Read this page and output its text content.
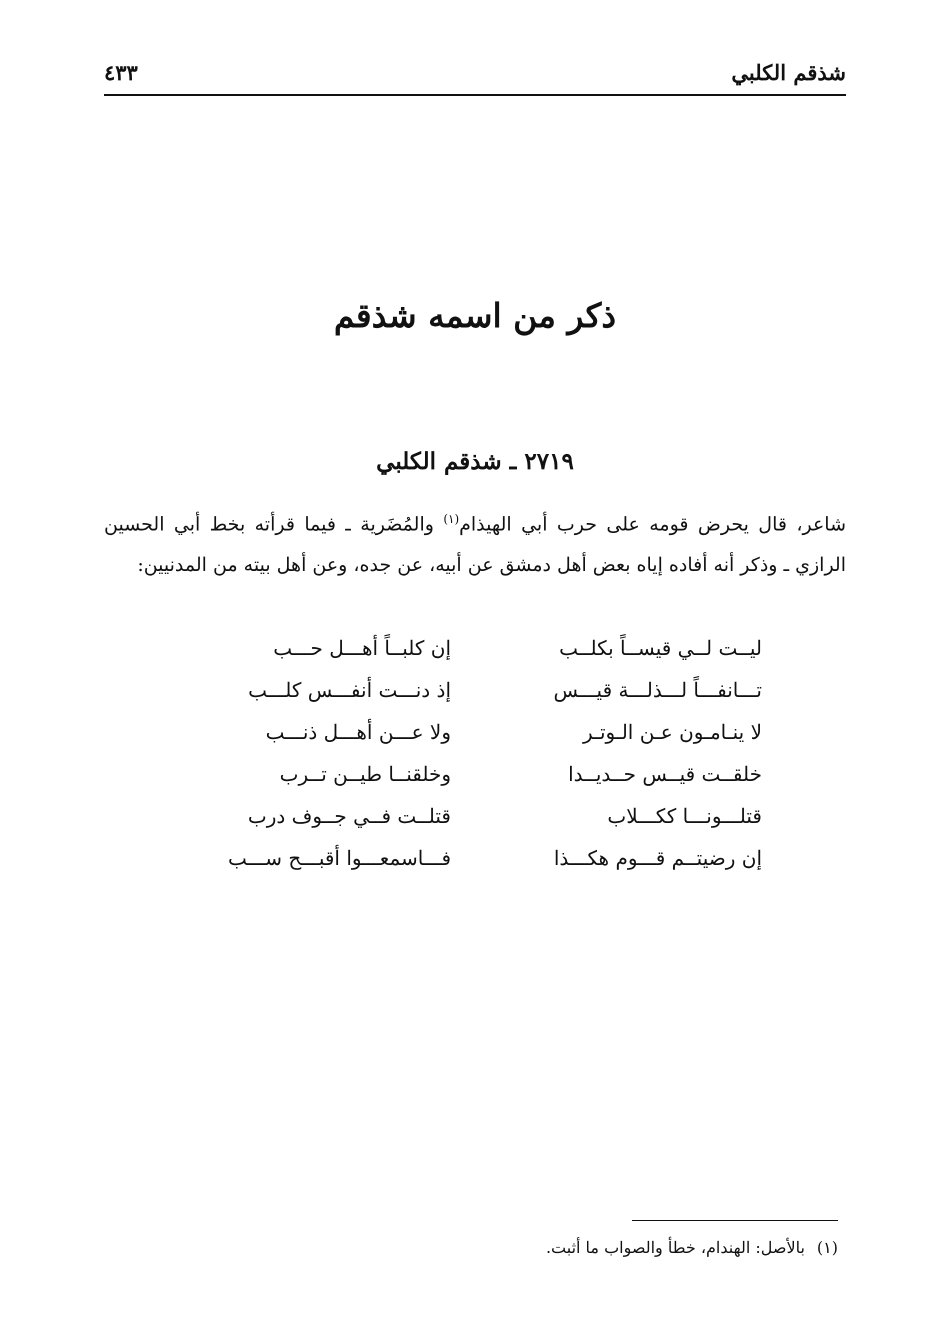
شذقم الكلبي
٤٣٣
ذكر من اسمه شذقم
٢٧١٩ ـ شذقم الكلبي

شاعر، قال يحرض قومه على حرب أبي الهيذام$^{(١)}$ والمُضَرية ـ فيما قرأته بخط أبي الحسين الرازي ـ وذكر أنه أفاده إياه بعض أهل دمشق عن أبيه، عن جده، وعن أهل بيته من المدنيين:

ليــت لــي قيســاً بكلــب
إن كلبــاً أهـــل حـــب
تـــانفـــاً لـــذلـــة قيـــس
إذ دنـــت أنفـــس كلـــب
لا ينـامـون عـن الـوتـر
ولا عـــن أهـــل ذنـــب
خلقــت قيــس حــديــدا
وخلقنــا طيــن تــرب
قتلـــونـــا ككـــلاب
قتلــت فــي جــوف درب
إن رضيتــم قـــوم هكـــذا
فـــاسمعـــوا أقبـــح ســـب
(١)بالأصل: الهندام، خطأ والصواب ما أثبت.
